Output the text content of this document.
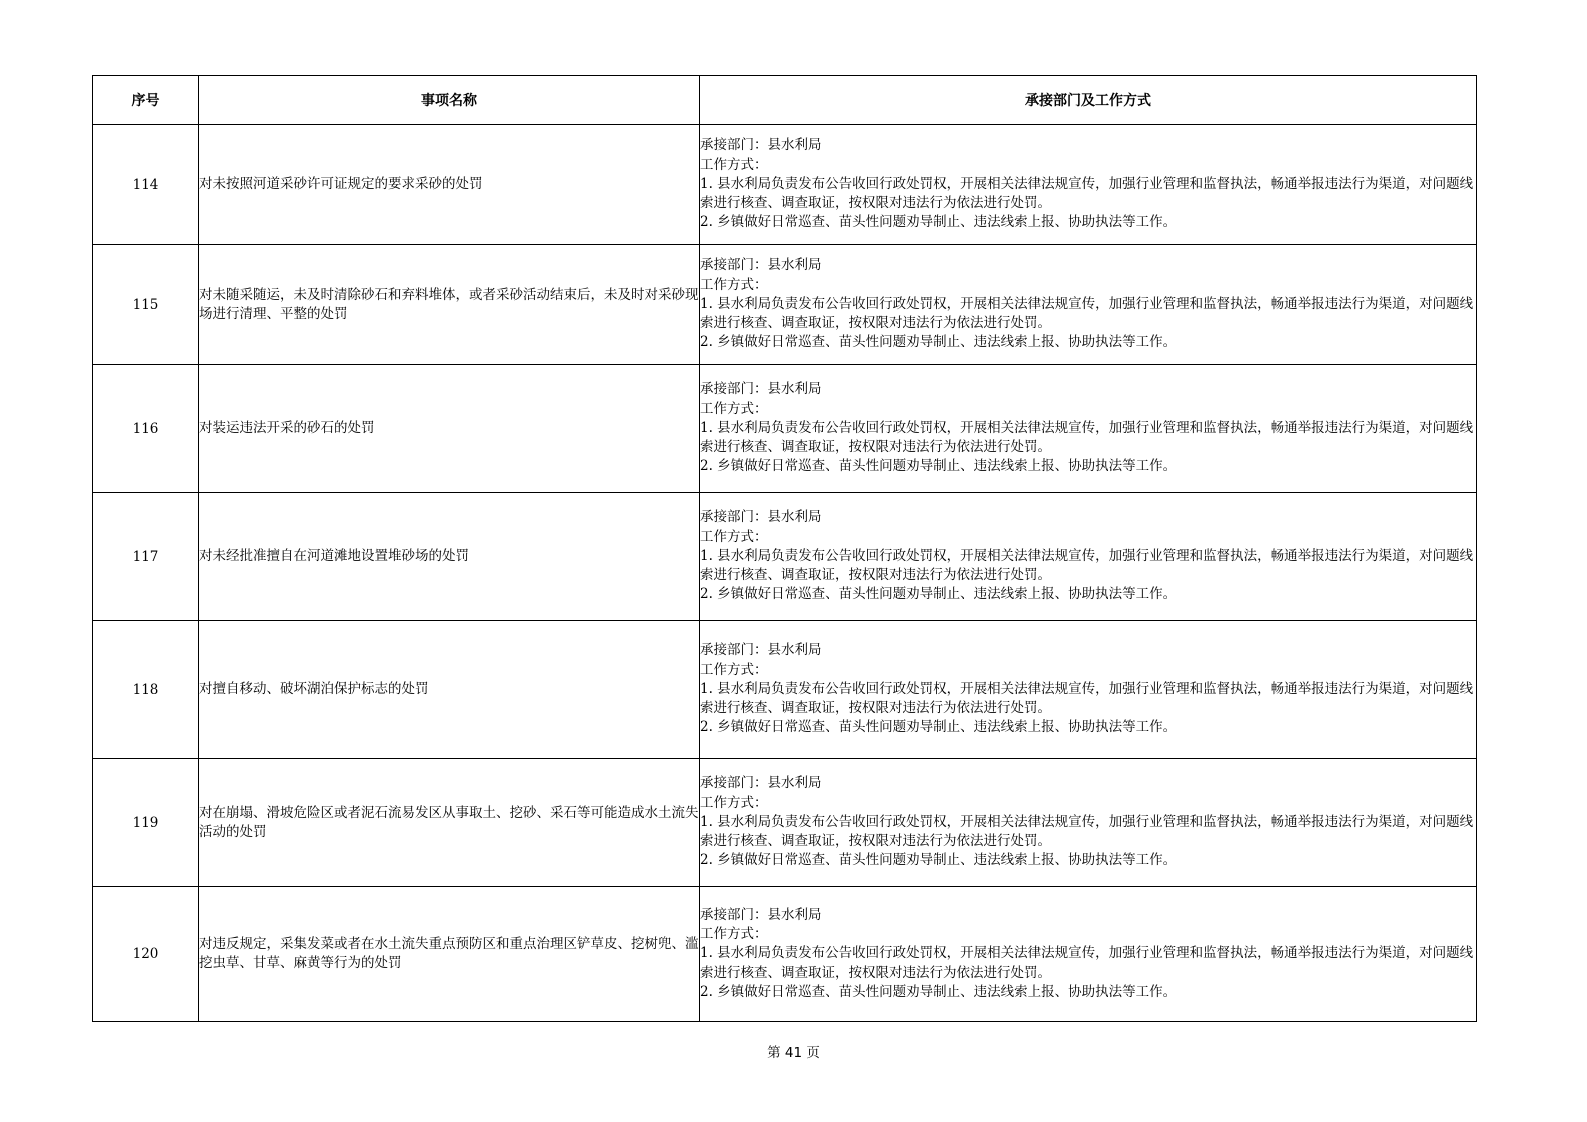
序号	事项名称	承接部门及工作方式
114	对未按照河道采砂许可证规定的要求采砂的处罚	承接部门：县水利局
工作方式：
1. 县水利局负责发布公告收回行政处罚权，开展相关法律法规宣传，加强行业管理和监督执法，畅通举报违法行为渠道，对问题线索进行核查、调查取证，按权限对违法行为依法进行处罚。
2. 乡镇做好日常巡查、苗头性问题劝导制止、违法线索上报、协助执法等工作。

115	对未随采随运，未及时清除砂石和弃料堆体，或者采砂活动结束后，未及时对采砂现场进行清理、平整的处罚	承接部门：县水利局
工作方式：
1. 县水利局负责发布公告收回行政处罚权，开展相关法律法规宣传，加强行业管理和监督执法，畅通举报违法行为渠道，对问题线索进行核查、调查取证，按权限对违法行为依法进行处罚。
2. 乡镇做好日常巡查、苗头性问题劝导制止、违法线索上报、协助执法等工作。

116	对装运违法开采的砂石的处罚	承接部门：县水利局
工作方式：
1. 县水利局负责发布公告收回行政处罚权，开展相关法律法规宣传，加强行业管理和监督执法，畅通举报违法行为渠道，对问题线索进行核查、调查取证，按权限对违法行为依法进行处罚。
2. 乡镇做好日常巡查、苗头性问题劝导制止、违法线索上报、协助执法等工作。

117	对未经批准擅自在河道滩地设置堆砂场的处罚	承接部门：县水利局
工作方式：
1. 县水利局负责发布公告收回行政处罚权，开展相关法律法规宣传，加强行业管理和监督执法，畅通举报违法行为渠道，对问题线索进行核查、调查取证，按权限对违法行为依法进行处罚。
2. 乡镇做好日常巡查、苗头性问题劝导制止、违法线索上报、协助执法等工作。

118	对擅自移动、破坏湖泊保护标志的处罚	承接部门：县水利局
工作方式：
1. 县水利局负责发布公告收回行政处罚权，开展相关法律法规宣传，加强行业管理和监督执法，畅通举报违法行为渠道，对问题线索进行核查、调查取证，按权限对违法行为依法进行处罚。
2. 乡镇做好日常巡查、苗头性问题劝导制止、违法线索上报、协助执法等工作。

119	对在崩塌、滑坡危险区或者泥石流易发区从事取土、挖砂、采石等可能造成水土流失活动的处罚	承接部门：县水利局
工作方式：
1. 县水利局负责发布公告收回行政处罚权，开展相关法律法规宣传，加强行业管理和监督执法，畅通举报违法行为渠道，对问题线索进行核查、调查取证，按权限对违法行为依法进行处罚。
2. 乡镇做好日常巡查、苗头性问题劝导制止、违法线索上报、协助执法等工作。

120	对违反规定，采集发菜或者在水土流失重点预防区和重点治理区铲草皮、挖树兜、滥挖虫草、甘草、麻黄等行为的处罚	承接部门：县水利局
工作方式：
1. 县水利局负责发布公告收回行政处罚权，开展相关法律法规宣传，加强行业管理和监督执法，畅通举报违法行为渠道，对问题线索进行核查、调查取证，按权限对违法行为依法进行处罚。
2. 乡镇做好日常巡查、苗头性问题劝导制止、违法线索上报、协助执法等工作。
第 41 页
